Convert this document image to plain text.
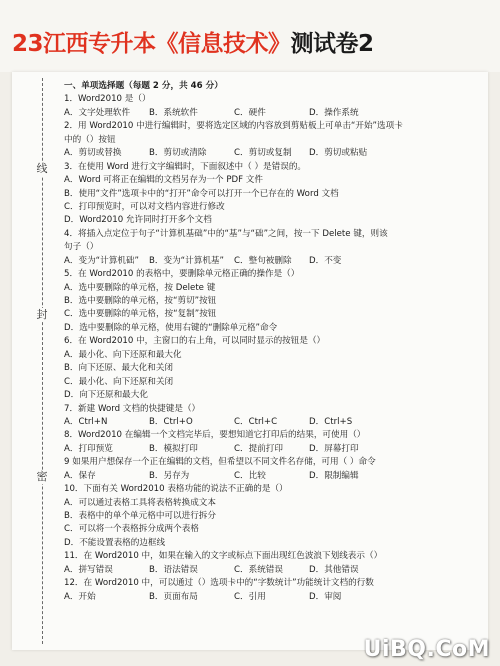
23江西专升本《信息技术》测试卷2
线
封
密
一、单项选择题（每题 2 分，共 46 分）
1．Word2010 是（）
A．文字处理软件	B．系统软件	C．硬件	D．操作系统
2．用 Word2010 中进行编辑时，要将选定区域的内容放到剪贴板上可单击“开始”选项卡
中的（）按钮
A．剪切或替换	B．剪切或清除	C．剪切或复制	D．剪切或粘贴
3．在使用 Word 进行文字编辑时，下面叙述中（ ）是错误的。
A．Word 可将正在编辑的文档另存为一个 PDF 文件
B．使用“文件”选项卡中的“打开”命令可以打开一个已存在的 Word 文档
C．打印预览时，可以对文档内容进行修改
D．Word2010 允许同时打开多个文档
4．将插入点定位于句子“计算机基础”中的“基”与“础”之间，按一下 Delete 键，则该
句子（）
A．变为“计算机础”	B．变为“计算机基”	C．整句被删除	D．不变
5．在 Word2010 的表格中，要删除单元格正确的操作是（）
A．选中要删除的单元格，按 Delete 键
B．选中要删除的单元格，按“剪切”按钮
C．选中要删除的单元格，按“复制”按钮
D．选中要删除的单元格，使用右键的“删除单元格”命令
6．在 Word2010 中，主窗口的右上角，可以同时显示的按钮是（）
A．最小化、向下还原和最大化
B．向下还原、最大化和关闭
C．最小化、向下还原和关闭
D．向下还原和最大化
7．新建 Word 文档的快捷键是（）
A．Ctrl+N	B．Ctrl+O	C．Ctrl+C	D．Ctrl+S
8．Word2010 在编辑一个文档完毕后，要想知道它打印后的结果，可使用（）
A．打印预览	B．模拟打印	C．提前打印	D．屏幕打印
9 如果用户想保存一个正在编辑的文档，但希望以不同文件名存储，可用（ ）命令
A．保存	B．另存为	C．比较	D．限制编辑
10．下面有关 Word2010 表格功能的说法不正确的是（）
A．可以通过表格工具将表格转换成文本
B．表格中的单个单元格中可以进行拆分
C．可以将一个表格拆分成两个表格
D．不能设置表格的边框线
11．在 Word2010 中，如果在输入的文字或标点下面出现红色波浪下划线表示（）
A．拼写错误	B．语法错误	C．系统错误	D．其他错误
12．在 Word2010 中，可以通过（）选项卡中的“字数统计”功能统计文档的行数
A．开始	B．页面布局	C．引用	D．审阅
UiBQ.CoM
